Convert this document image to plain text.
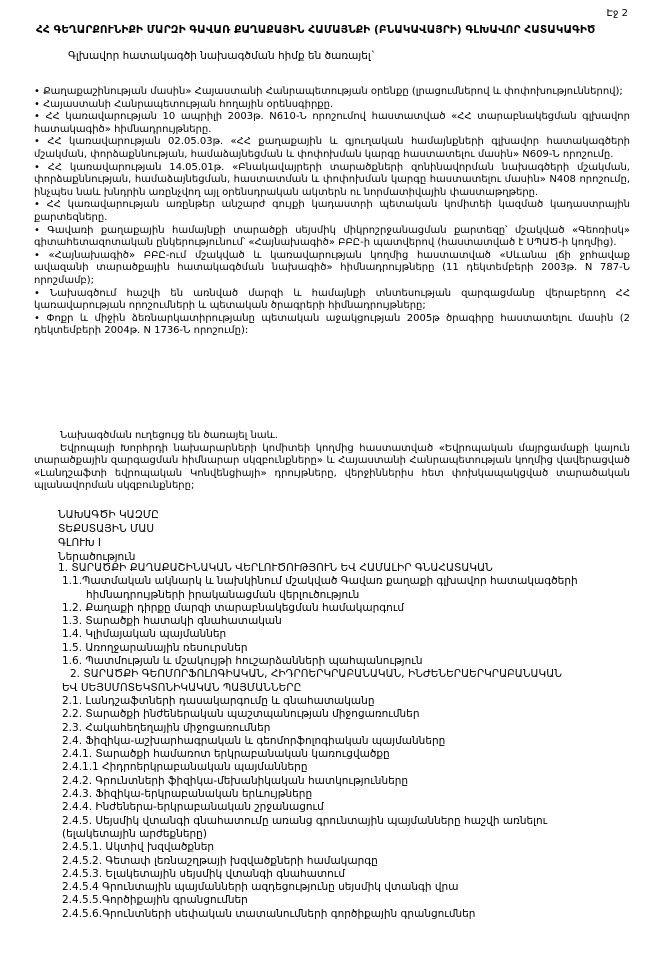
Էջ 2
ՀՀ ԳԵՂԱՐՔՈՒՆԻՔԻ ՄԱՐԶԻ ԳԱՎԱՌ ՔԱՂԱՔԱՅԻՆ ՀԱՄԱՅՆՔԻ (ԲՆԱԿԱՎԱՅՐԻ) ԳԼԽԱՎՈՐ ՀԱՏԱԿԱԳԻԾ
Գլխավոր հատակագծի նախագծման հիմք են ծառայել`
• Քաղաքաշինության մասին» Հայաստանի Հանրապետության օրենքը (լրացումներով և փոփոխություններով);
• Հայաստանի Հանրապետության հողային օրենսգիրքը.
• ՀՀ կառավարության 10 ապրիլի 2003թ. N610-Ն որոշումով հաստատված «ՀՀ տարաբնակեցման գլխավոր հատակագիծ» հիմնադրույթները.
• ՀՀ կառավարության 02.05.03թ. «ՀՀ քաղաքային և գյուղական համայնքների գլխավոր հատակագծերի մշակման, փորձաքննության, համաձայնեցման և փոփոխման կարգը հաստատելու մասին» N609-Ն որոշումը.
• ՀՀ կառավարության 14.05.01թ. «Բնակավայրերի տարածքների զոնինավորման նախագծերի մշակման, փորձաքննության, համաձայնեցման, հաստատման և փոփոխման կարգը հաստատելու մասին» N408 որոշումը, ինչպես նաև խնդրին առընչվող այլ օրենսդրական ակտերն ու նորմատիվային փաստաթղթերը.
• ՀՀ կառավարության առընթեր անշարժ գույքի կադաստրի պետական կոմիտեի կազմած կադաստրային քարտեզները.
• Գավառի քաղաքային համայնքի տարածքի սեյսմիկ միկրոշրջանացման քարտեզը՝ մշակված «Գեոռիսկ» գիտահետազոտական ընկերությունում՝ «Հայնախագիծ» ԲԲԸ-ի պատվերով (հաստատված է ՍՊԱԾ-ի կողմից).
• «Հայնախագիծ» ԲԲԸ-ում մշակված և կառավարության կողմից հաստատված «Սևանա լճի ջրհավաք ավազանի տարածքային հատակագծման նախագիծ» հիմնադրույթները (11 դեկտեմբերի 2003թ. N 787-Ն որոշմամբ);
• Նախագծում հաշվի են առնված մարզի և համայնքի տնտեսության զարգացմանը վերաբերող ՀՀ կառավարության որոշումների և պետական ծրագրերի հիմնադրույթները;
• Փոքր և միջին ձեռնարկատիրությանը պետական աջակցության 2005թ ծրագիրը հաստատելու մասին (2 դեկտեմբերի 2004թ. N 1736-Ն որոշումը):

Նախագծման ուղեցույց են ծառայել նաև.

Եվրոպայի Խորհրդի նախարարների կոմիտեի կողմից հաստատված «Եվրոպական մայրցամաքի կայուն տարածքային զարգացման հիմնարար սկզբունքները» և Հայաստանի Հանրապետության կողմից վավերացված «Լանդշաֆտի եվրոպական Կոնվենցիայի» դրույթները, վերջիններիս հետ փոխկապակցված տարածական պլանավորման սկզբունքները;

ՆԱԽԱԳԾԻ ԿԱԶՄԸ
ՏԵՔՍՏԱՅԻՆ ՄԱՍ
ԳԼՈՒԽ I
Ներածություն
1. ՏԱՐԱԾՔԻ ՔԱՂԱՔԱՇԻՆԱԿԱՆ ՎԵՐԼՈՒԾՈՒԹՅՈՒՆ ԵՎ ՀԱՄԱԼԻՐ ԳՆԱՀԱՏԱԿԱՆ
1.1.Պատմական ակնարկ և նախկինում մշակված Գավառ քաղաքի գլխավոր հատակագծերի
հիմնադրույթների իրականացման վերլուծություն
1.2. Քաղաքի դիրքը մարզի տարաբնակեցման համակարգում
1.3. Տարածքի հատակի գնահատական
1.4. Կլիմայական պայմաններ
1.5. Առողջարանային ռեսուրսներ
1.6. Պատմության և մշակույթի հուշարձանների պահպանություն
2. ՏԱՐԱԾՔԻ ԳԵՈՄՈՐՖՈԼՈԳԻԱԿԱՆ, ՀԻԴՐՈԵՐԿՐԱԲԱՆԱԿԱՆ, ԻՆԺԵՆԵՐԱԵՐԿՐԱԲԱՆԱԿԱՆ
ԵՎ ՍԵՅՍՄՈՏԵԿՏՈՆԻԿԱԿԱՆ ՊԱՅՄԱՆՆԵՐԸ
2.1. Լանդշաֆտների դասակարգումը և գնահատականը
2.2. Տարածքի ինժեներական պաշտպանության միջոցառումներ
2.3. Հակահեղեղային միջոցառումներ
2.4. Ֆիզիկա-աշխարհագրական և գեոմորֆոլոգիական պայմանները
2.4.1. Տարածքի համառոտ երկրաբանական կառուցվածքը
2.4.1.1 Հիդրոերկրաբանական պայմանները
2.4.2. Գրունտների ֆիզիկա-մեխանիկական հատկությունները
2.4.3. Ֆիզիկա-երկրաբանական երևույթները
2.4.4. Ինժեներա-երկրաբանական շրջանացում
2.4.5. Սեյսմիկ վտանգի գնահատումը առանց գրունտային պայմանները հաշվի առնելու
(ելակետային արժեքները)
2.4.5.1. Ակտիվ խզվածքներ
2.4.5.2. Գետափ լեռնաշղթայի խզվածքների համակարգը
2.4.5.3. Ելակետային սեյսմիկ վտանգի գնահատում
2.4.5.4 Գրունտային պայմանների ազդեցությունը սեյսմիկ վտանգի վրա
2.4.5.5.Գործիքային գրանցումներ
2.4.5.6.Գրունտների սեփական տատանումների գործիքային գրանցումներ
